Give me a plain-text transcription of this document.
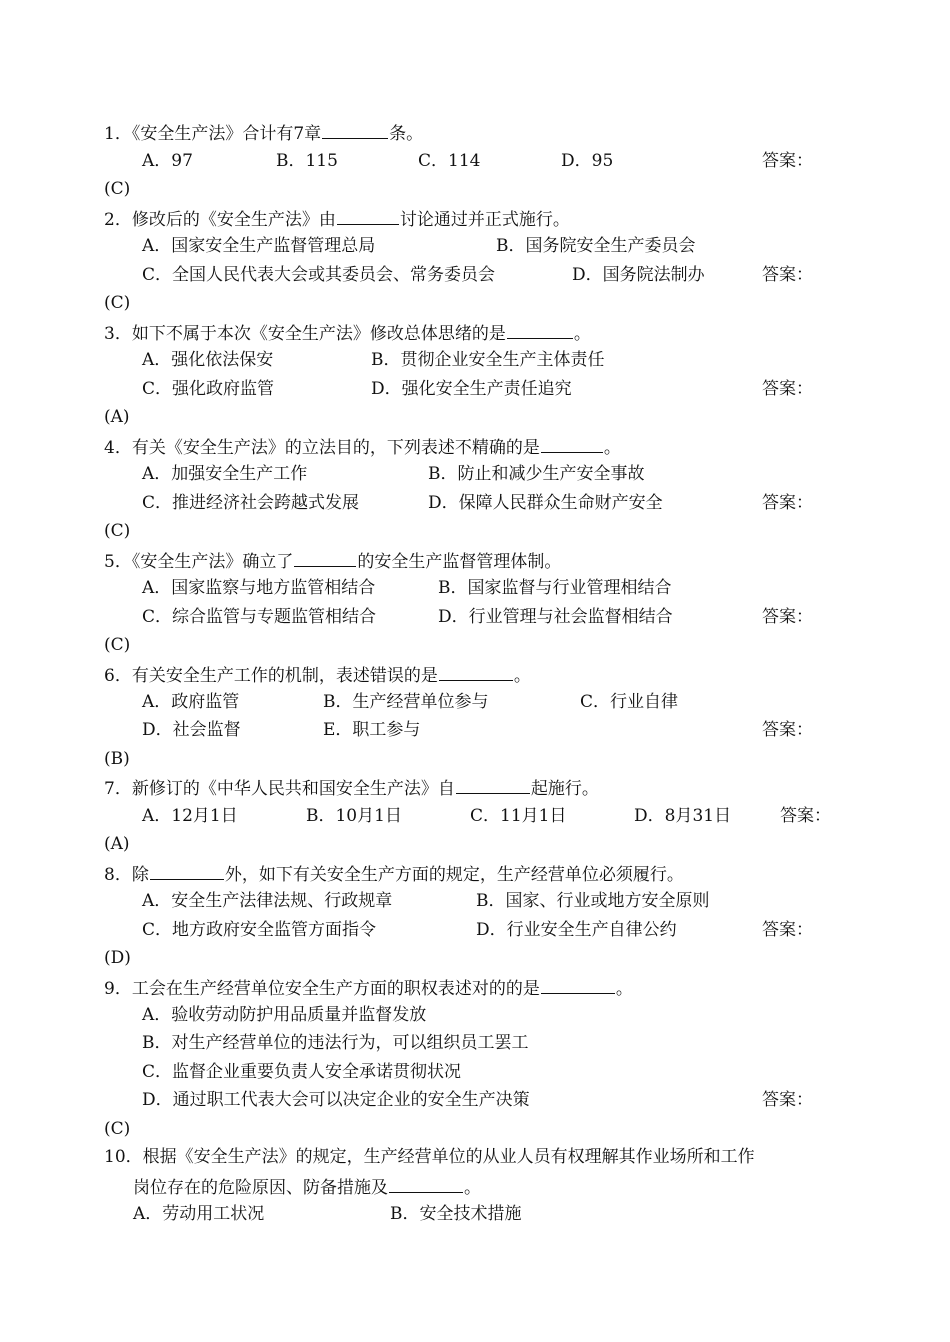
1．《安全生产法》合计有7章	条。
A．97	B．115	C．114	D．95	答案：
(C)
2．修改后的《安全生产法》由	讨论通过并正式施行。
A．国家安全生产监督管理总局	B．国务院安全生产委员会
C．全国人民代表大会或其委员会、常务委员会	D．国务院法制办	答案：
(C)
3．如下不属于本次《安全生产法》修改总体思绪的是	。
A．强化依法保安	B．贯彻企业安全生产主体责任
C．强化政府监管	D．强化安全生产责任追究	答案：
(A)
4．有关《安全生产法》的立法目的，下列表述不精确的是	。
A．加强安全生产工作	B．防止和减少生产安全事故
C．推进经济社会跨越式发展	D．保障人民群众生命财产安全	答案：
(C)
5．《安全生产法》确立了	的安全生产监督管理体制。
A．国家监察与地方监管相结合	B．国家监督与行业管理相结合
C．综合监管与专题监管相结合	D．行业管理与社会监督相结合	答案：
(C)
6．有关安全生产工作的机制，表述错误的是	。
A．政府监管	B．生产经营单位参与	C．行业自律
D．社会监督	E．职工参与	答案：
(B)
7．新修订的《中华人民共和国安全生产法》自	起施行。
A．12月1日	B．10月1日	C．11月1日	D．8月31日	答案：
(A)
8．除	外，如下有关安全生产方面的规定，生产经营单位必须履行。
A．安全生产法律法规、行政规章	B．国家、行业或地方安全原则
C．地方政府安全监管方面指令	D．行业安全生产自律公约	答案：
(D)
9．工会在生产经营单位安全生产方面的职权表述对的的是	。
A．验收劳动防护用品质量并监督发放
B．对生产经营单位的违法行为，可以组织员工罢工
C．监督企业重要负责人安全承诺贯彻状况
D．通过职工代表大会可以决定企业的安全生产决策	答案：
(C)
10．根据《安全生产法》的规定，生产经营单位的从业人员有权理解其作业场所和工作
岗位存在的危险原因、防备措施及	。
A．劳动用工状况	B．安全技术措施
